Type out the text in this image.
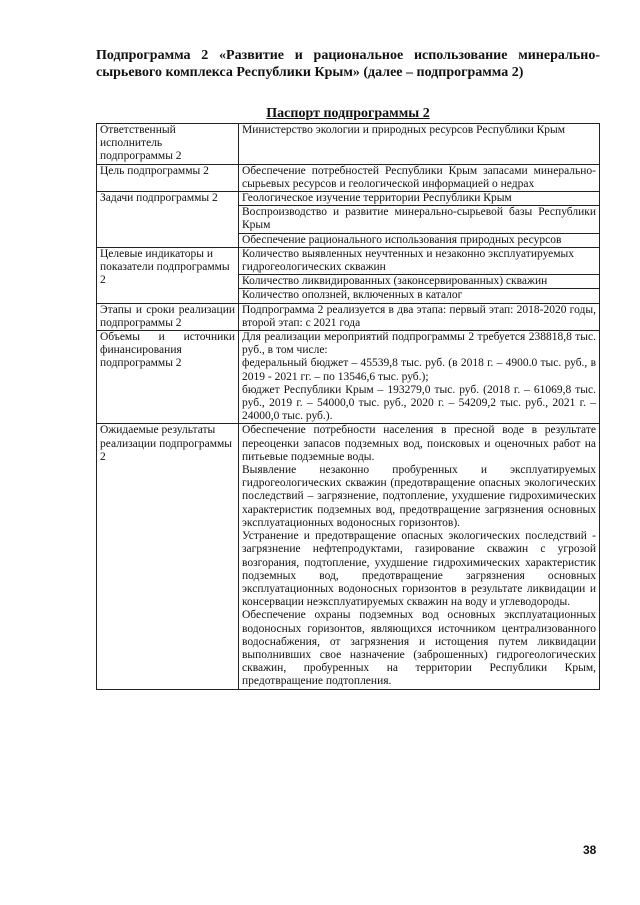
Подпрограмма 2 «Развитие и рациональное использование минерально-сырьевого комплекса Республики Крым» (далее – подпрограмма 2)
Паспорт подпрограммы 2
Ответственный исполнитель подпрограммы 2	Министерство экологии и природных ресурсов Республики Крым
Цель подпрограммы 2	Обеспечение потребностей Республики Крым запасами минерально-сырьевых ресурсов и геологической информацией о недрах
Задачи подпрограммы 2	Геологическое изучение территории Республики Крым
Воспроизводство и развитие минерально-сырьевой базы Республики Крым
Обеспечение рационального использования природных ресурсов

Целевые индикаторы и показатели подпрограммы 2	Количество выявленных неучтенных и незаконно эксплуатируемых гидрогеологических скважин
Количество ликвидированных (законсервированных) скважин
Количество оползней, включенных в каталог

Этапы и сроки реализации подпрограммы 2	Подпрограмма 2 реализуется в два этапа: первый этап: 2018-2020 годы, второй этап: с 2021 года
Объемы и источники финансирования подпрограммы 2	Для реализации мероприятий подпрограммы 2 требуется 238818,8 тыс. руб., в том числе:
федеральный бюджет – 45539,8 тыс. руб. (в 2018 г. – 4900.0 тыс. руб., в 2019 - 2021 гг. – по 13546,6 тыс. руб.);
бюджет Республики Крым – 193279,0 тыс. руб. (2018 г. – 61069,8 тыс. руб., 2019 г. – 54000,0 тыс. руб., 2020 г. – 54209,2 тыс. руб., 2021 г. – 24000,0 тыс. руб.).

Ожидаемые результаты реализации подпрограммы 2	Обеспечение потребности населения в пресной воде в результате переоценки запасов подземных вод, поисковых и оценочных работ на питьевые подземные воды.
Выявление незаконно пробуренных и эксплуатируемых гидрогеологических скважин (предотвращение опасных экологических последствий – загрязнение, подтопление, ухудшение гидрохимических характеристик подземных вод, предотвращение загрязнения основных эксплуатационных водоносных горизонтов).
Устранение и предотвращение опасных экологических последствий - загрязнение нефтепродуктами, газирование скважин с угрозой возгорания, подтопление, ухудшение гидрохимических характеристик подземных вод, предотвращение загрязнения основных эксплуатационных водоносных горизонтов в результате ликвидации и консервации неэксплуатируемых скважин на воду и углеводороды.
Обеспечение охраны подземных вод основных эксплуатационных водоносных горизонтов, являющихся источником централизованного водоснабжения, от загрязнения и истощения путем ликвидации выполнивших свое назначение (заброшенных) гидрогеологических скважин, пробуренных на территории Республики Крым, предотвращение подтопления.
38
